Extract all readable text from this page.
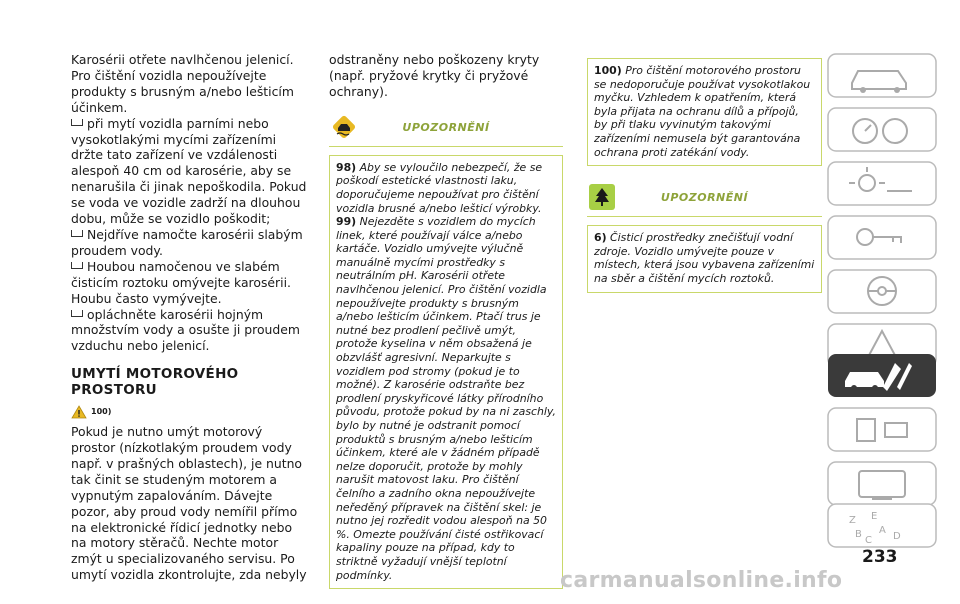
Karosérii otřete navlhčenou jelenicí. Pro čištění vozidla nepoužívejte produkty s brusným a/nebo lešticím účinkem.

při mytí vozidla parními nebo vysokotlakými mycími zařízeními držte tato zařízení ve vzdálenosti alespoň 40 cm od karosérie, aby se nenarušila či jinak nepoškodila. Pokud se voda ve vozidle zadrží na dlouhou dobu, může se vozidlo poškodit;

Nejdříve namočte karosérii slabým proudem vody.

Houbou namočenou ve slabém čisticím roztoku omývejte karosérii. Houbu často vymývejte.

opláchněte karosérii hojným množstvím vody a osušte ji proudem vzduchu nebo jelenicí.

UMYTÍ MOTOROVÉHO PROSTORU
100)

Pokud je nutno umýt motorový prostor (nízkotlakým proudem vody např. v prašných oblastech), je nutno tak činit se studeným motorem a vypnutým zapalováním. Dávejte pozor, aby proud vody nemířil přímo na elektronické řídicí jednotky nebo na motory stěračů. Nechte motor zmýt u specializovaného servisu. Po umytí vozidla zkontrolujte, zda nebyly

odstraněny nebo poškozeny kryty (např. pryžové krytky či pryžové ochrany).

UPOZORNĚNÍ

98) Aby se vyloučilo nebezpečí, že se poškodí estetické vlastnosti laku, doporučujeme nepoužívat pro čištění vozidla brusné a/nebo lešticí výrobky.

99) Nejezděte s vozidlem do mycích linek, které používají válce a/nebo kartáče. Vozidlo umývejte výlučně manuálně mycími prostředky s neutrálním pH. Karosérii otřete navlhčenou jelenicí. Pro čištění vozidla nepoužívejte produkty s brusným a/nebo lešticím účinkem. Ptačí trus je nutné bez prodlení pečlivě umýt, protože kyselina v něm obsažená je obzvlášť agresivní. Neparkujte s vozidlem pod stromy (pokud je to možné). Z karosérie odstraňte bez prodlení pryskyřicové látky přírodního původu, protože pokud by na ni zaschly, bylo by nutné je odstranit pomocí produktů s brusným a/nebo lešticím účinkem, které ale v žádném případě nelze doporučit, protože by mohly narušit matovost laku. Pro čištění čelního a zadního okna nepoužívejte neředěný přípravek na čištění skel: je nutno jej rozředit vodou alespoň na 50 %. Omezte používání čisté ostřikovací kapaliny pouze na případ, kdy to striktně vyžadují vnější teplotní podmínky.

100) Pro čištění motorového prostoru se nedoporučuje používat vysokotlakou myčku. Vzhledem k opatřením, která byla přijata na ochranu dílů a přípojů, by při tlaku vyvinutým takovými zařízeními nemusela být garantována ochrana proti zatékání vody.

UPOZORNĚNÍ

6) Čisticí prostředky znečišťují vodní zdroje. Vozidlo umývejte pouze v místech, která jsou vybavena zařízeními na sběr a čištění mycích roztoků.

Z E
B A
C D
233
carmanualsonline.info
